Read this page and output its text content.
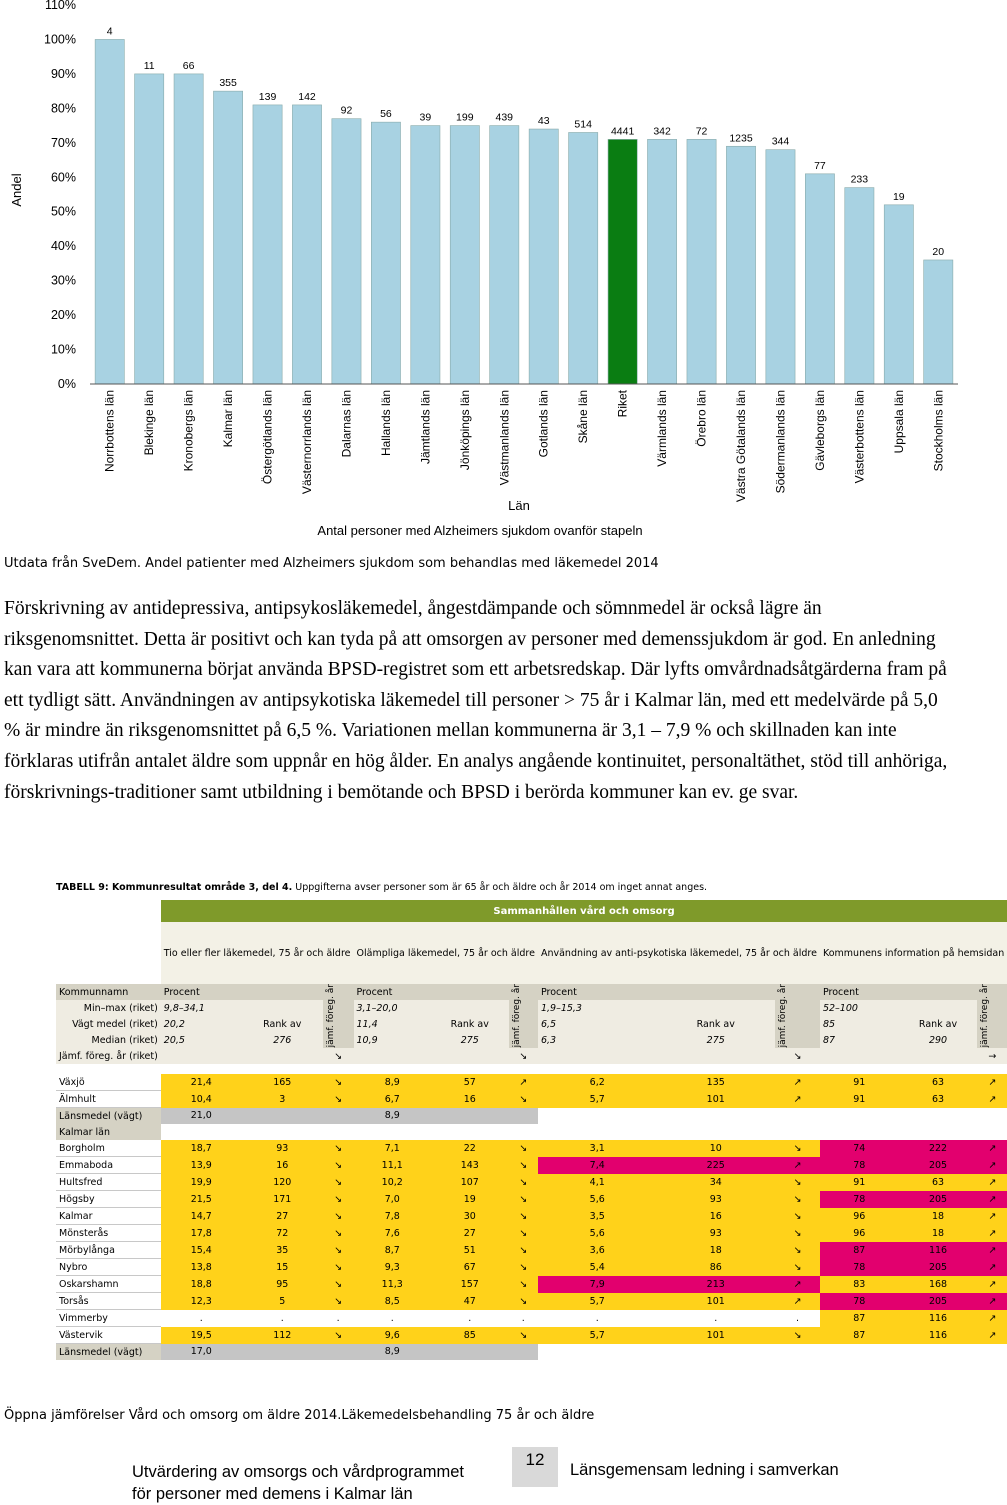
Andel
0%
10%
20%
30%
40%
50%
60%
70%
80%
90%
100%
110%
4
11	66
355
139 142
92	56	39 199 439 43 514
4441 342 72
1235 344
77
233
19
20
Norrbottens län Blekinge län Kronobergs län Kalmar län Östergötlands län Västernorrlands län Dalarnas län Hallands län Jämtlands län Jönköpings län Västmanlands län Gotlands län Skåne län Riket Värmlands län Örebro län Västra Götalands län Södermanlands län Gävleborgs län Västerbottens län Uppsala län Stockholms län
Län
Antal personer med Alzheimers sjukdom ovanför stapeln
Utdata från SveDem. Andel patienter med Alzheimers sjukdom som behandlas med läkemedel 2014

Förskrivning av antidepressiva, antipsykosläkemedel, ångestdämpande och sömnmedel är också lägre än riksgenomsnittet. Detta är positivt och kan tyda på att omsorgen av personer med demenssjukdom är god. En anledning kan vara att kommunerna börjat använda BPSD-registret som ett arbetsredskap. Där lyfts omvårdnadsåtgärderna fram på ett tydligt sätt. Användningen av antipsykotiska läkemedel till personer > 75 år i Kalmar län, med ett medelvärde på 5,0 % är mindre än riksgenomsnittet på 6,5 %. Variationen mellan kommunerna är 3,1 – 7,9 % och skillnaden kan inte förklaras utifrån antalet äldre som uppnår en hög ålder. En analys angående kontinuitet, personaltäthet, stöd till anhöriga, förskrivnings-traditioner samt utbildning i bemötande och BPSD i berörda kommuner kan ev. ge svar.

TABELL 9: Kommunresultat område 3, del 4. Uppgifterna avser personer som är 65 år och äldre och år 2014 om inget annat anges.
	Sammanhållen vård och omsorg											
	Tio eller fler läkemedel, 75 år och äldre			Olämpliga läkemedel, 75 år och äldre			Användning av anti-psykotiska läkemedel, 75 år och äldre			Kommunens information på hemsidan		
Kommunnamn	Procent		jämf. föreg. år	Procent		jämf. föreg. år	Procent		jämf. föreg. år	Procent		jämf. föreg. år

Min–max (riket)	9,8–34,1			3,1–20,0			1,9–15,3			52–100		
Vägt medel (riket)	20,2	Rank av		11,4	Rank av		6,5	Rank av		85	Rank av	
Median (riket)	20,5	276		10,9	275		6,3	275		87	290	
Jämf. föreg. år (riket)			↘			↘			↘			→

Växjö	21,4	165	↘	8,9	57	↗	6,2	135	↗	91	63	↗
Älmhult	10,4	3	↘	6,7	16	↘	5,7	101	↗	91	63	↗
Länsmedel (vägt)	21,0			8,9								
Kalmar län												
Borgholm	18,7	93	↘	7,1	22	↘	3,1	10	↘	74	222	↗
Emmaboda	13,9	16	↘	11,1	143	↘	7,4	225	↗	78	205	↗
Hultsfred	19,9	120	↘	10,2	107	↘	4,1	34	↘	91	63	↗
Högsby	21,5	171	↘	7,0	19	↘	5,6	93	↘	78	205	↗
Kalmar	14,7	27	↘	7,8	30	↘	3,5	16	↘	96	18	↗
Mönsterås	17,8	72	↘	7,6	27	↘	5,6	93	↘	96	18	↗
Mörbylånga	15,4	35	↘	8,7	51	↘	3,6	18	↘	87	116	↗
Nybro	13,8	15	↘	9,3	67	↘	5,4	86	↘	78	205	↗
Oskarshamn	18,8	95	↘	11,3	157	↘	7,9	213	↗	83	168	↗
Torsås	12,3	5	↘	8,5	47	↘	5,7	101	↗	78	205	↗
Vimmerby	.	.	.	.	.	.	.	.	.	87	116	↗
Västervik	19,5	112	↘	9,6	85	↘	5,7	101	↘	87	116	↗
Länsmedel (vägt)	17,0			8,9								
Öppna jämförelser Vård och omsorg om äldre 2014.Läkemedelsbehandling 75 år och äldre
Utvärdering av omsorgs och vårdprogrammet
för personer med demens i Kalmar län
12
Länsgemensam ledning i samverkan
